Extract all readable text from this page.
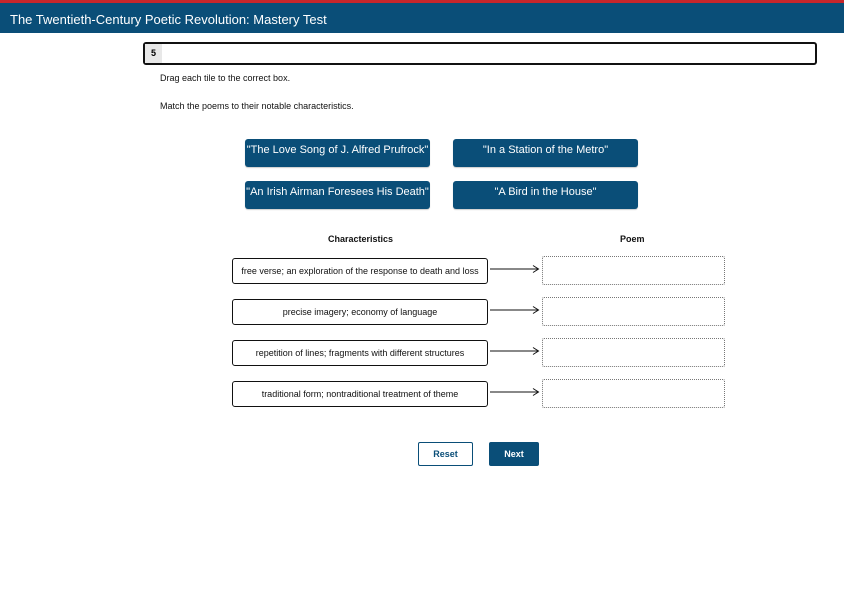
The Twentieth-Century Poetic Revolution: Mastery Test
5
Drag each tile to the correct box.
Match the poems to their notable characteristics.
"The Love Song of J. Alfred Prufrock"	"In a Station of the Metro"
"An Irish Airman Foresees His Death"	"A Bird in the House"
Characteristics	Poem
free verse; an exploration of the response to death and loss
precise imagery; economy of language
repetition of lines; fragments with different structures
traditional form; nontraditional treatment of theme
Reset	Next
